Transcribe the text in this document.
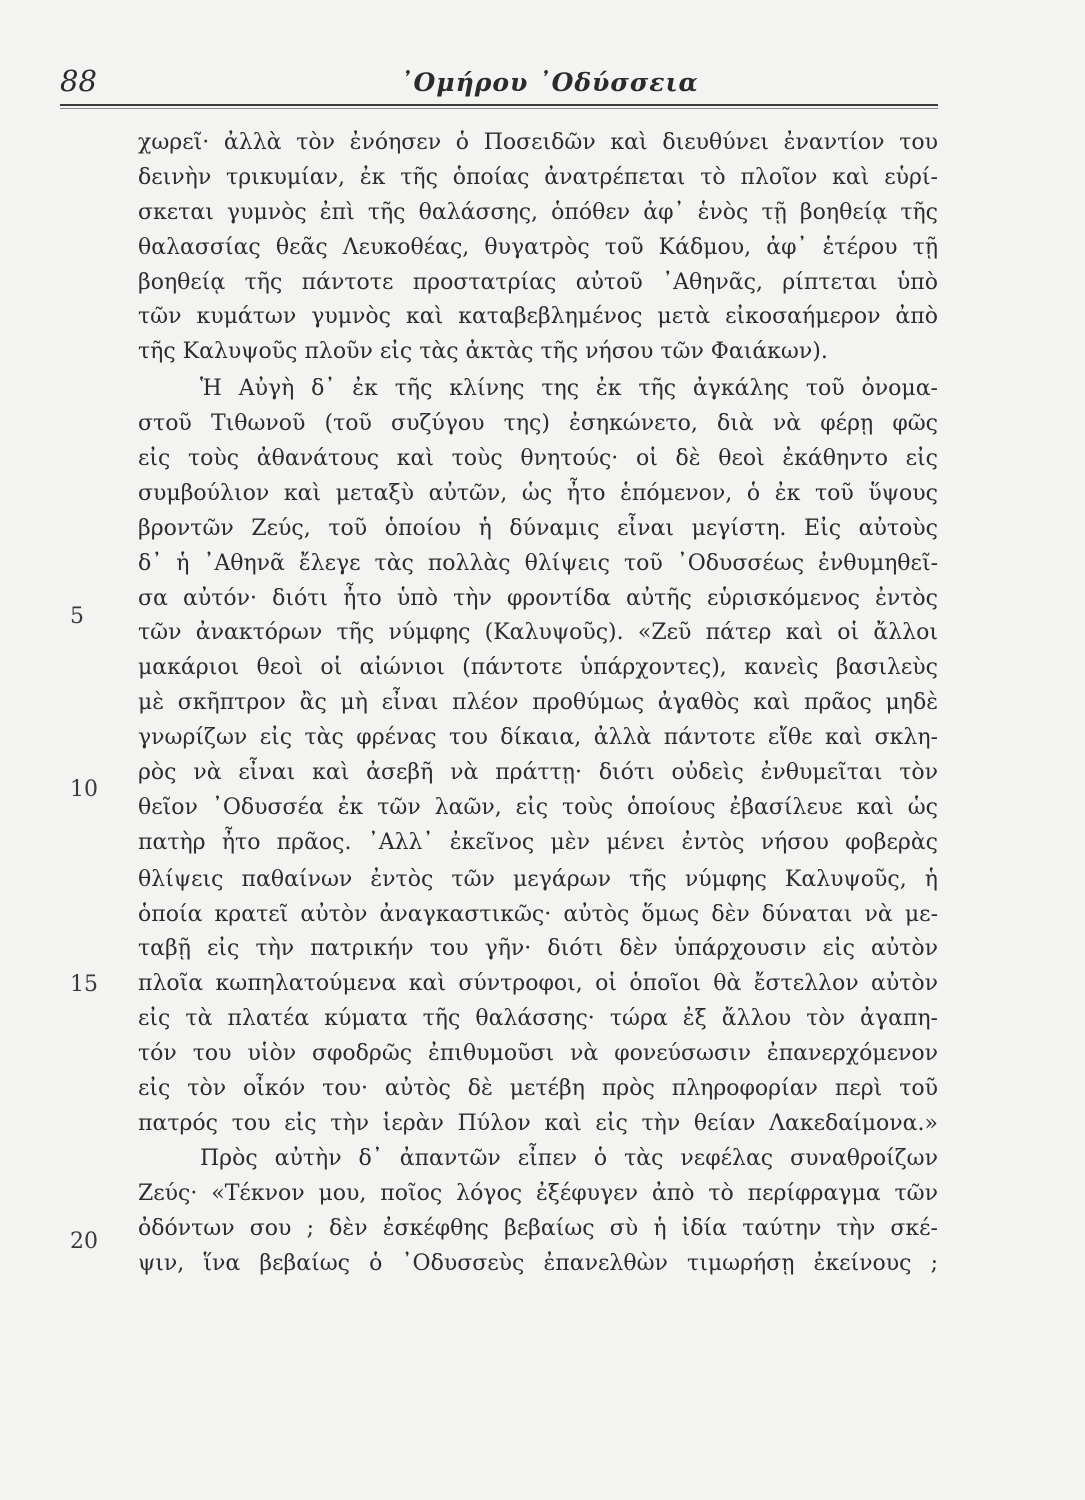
88	᾿Ομήρου ᾿Οδύσσεια
5
10
15
20
χωρεῖ· ἀλλὰ τὸν ἐνόησεν ὁ Ποσειδῶν καὶ διευθύνει ἐναντίον του
δεινὴν τρικυμίαν, ἐκ τῆς ὁποίας ἀνατρέπεται τὸ πλοῖον καὶ εὑρί-
σκεται γυμνὸς ἐπὶ τῆς θαλάσσης, ὁπόθεν ἀφ᾿ ἑνὸς τῇ βοηθείᾳ τῆς
θαλασσίας θεᾶς Λευκοθέας, θυγατρὸς τοῦ Κάδμου, ἀφ᾿ ἑτέρου τῇ
βοηθείᾳ τῆς πάντοτε προστατρίας αὐτοῦ ᾿Αθηνᾶς, ρίπτεται ὑπὸ
τῶν κυμάτων γυμνὸς καὶ καταβεβλημένος μετὰ εἰκοσαήμερον ἀπὸ
τῆς Καλυψοῦς πλοῦν εἰς τὰς ἀκτὰς τῆς νήσου τῶν Φαιάκων).
Ἡ Αὐγὴ δ᾿ ἐκ τῆς κλίνης της ἐκ τῆς ἀγκάλης τοῦ ὀνομα-
στοῦ Τιθωνοῦ (τοῦ συζύγου της) ἐσηκώνετο, διὰ νὰ φέρῃ φῶς
εἰς τοὺς ἀθανάτους καὶ τοὺς θνητούς· οἱ δὲ θεοὶ ἐκάθηντο εἰς
συμβούλιον καὶ μεταξὺ αὐτῶν, ὡς ἦτο ἑπόμενον, ὁ ἐκ τοῦ ὕψους
βροντῶν Ζεύς, τοῦ ὁποίου ἡ δύναμις εἶναι μεγίστη. Εἰς αὐτοὺς
δ᾿ ἡ ᾿Αθηνᾶ ἔλεγε τὰς πολλὰς θλίψεις τοῦ ᾿Οδυσσέως ἐνθυμηθεῖ-
σα αὐτόν· διότι ἦτο ὑπὸ τὴν φροντίδα αὐτῆς εὑρισκόμενος ἐντὸς
τῶν ἀνακτόρων τῆς νύμφης (Καλυψοῦς). «Ζεῦ πάτερ καὶ οἱ ἄλλοι
μακάριοι θεοὶ οἱ αἰώνιοι (πάντοτε ὑπάρχοντες), κανεὶς βασιλεὺς
μὲ σκῆπτρον ἂς μὴ εἶναι πλέον προθύμως ἀγαθὸς καὶ πρᾶος μηδὲ
γνωρίζων εἰς τὰς φρένας του δίκαια, ἀλλὰ πάντοτε εἴθε καὶ σκλη-
ρὸς νὰ εἶναι καὶ ἀσεβῆ νὰ πράττῃ· διότι οὐδεὶς ἐνθυμεῖται τὸν
θεῖον ᾿Οδυσσέα ἐκ τῶν λαῶν, εἰς τοὺς ὁποίους ἐβασίλευε καὶ ὡς
πατὴρ ἦτο πρᾶος. ᾿Αλλ᾿ ἐκεῖνος μὲν μένει ἐντὸς νήσου φοβερὰς
θλίψεις παθαίνων ἐντὸς τῶν μεγάρων τῆς νύμφης Καλυψοῦς, ἡ
ὁποία κρατεῖ αὐτὸν ἀναγκαστικῶς· αὐτὸς ὅμως δὲν δύναται νὰ με-
ταβῇ εἰς τὴν πατρικήν του γῆν· διότι δὲν ὑπάρχουσιν εἰς αὐτὸν
πλοῖα κωπηλατούμενα καὶ σύντροφοι, οἱ ὁποῖοι θὰ ἔστελλον αὐτὸν
εἰς τὰ πλατέα κύματα τῆς θαλάσσης· τώρα ἐξ ἄλλου τὸν ἀγαπη-
τόν του υἱὸν σφοδρῶς ἐπιθυμοῦσι νὰ φονεύσωσιν ἐπανερχόμενον
εἰς τὸν οἶκόν του· αὐτὸς δὲ μετέβη πρὸς πληροφορίαν περὶ τοῦ
πατρός του εἰς τὴν ἱερὰν Πύλον καὶ εἰς τὴν θείαν Λακεδαίμονα.»
Πρὸς αὐτὴν δ᾿ ἀπαντῶν εἶπεν ὁ τὰς νεφέλας συναθροίζων
Ζεύς· «Τέκνον μου, ποῖος λόγος ἐξέφυγεν ἀπὸ τὸ περίφραγμα τῶν
ὀδόντων σου ; δὲν ἐσκέφθης βεβαίως σὺ ἡ ἰδία ταύτην τὴν σκέ-
ψιν, ἵνα βεβαίως ὁ ᾿Οδυσσεὺς ἐπανελθὼν τιμωρήσῃ ἐκείνους ;
